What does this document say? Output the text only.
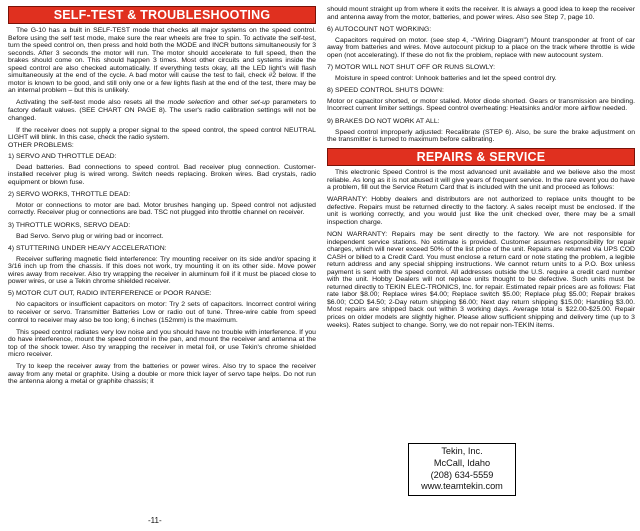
SELF-TEST & TROUBLESHOOTING

The G-10 has a built in SELF-TEST mode that checks all major systems on the speed control. Before using the self test mode, make sure the rear wheels are free to spin. To activate the self-test, turn the speed control on, then press and hold both the MODE and INCR buttons simultaneously for 3 seconds. After 3 seconds the motor will run. The motor should accelerate to full speed, then the brakes should come on. This should happen 3 times. Most other circuits and systems inside the speed control are also checked automatically. If everything tests okay, all the LED light's will flash simultaneously at the end of the cycle. A bad motor will cause the test to fail, check #2 below. If the motor is known to be good, and still only one or a few lights flash at the end of the test, there may be an internal problem – but this is unlikely.

Activating the self-test mode also resets all the mode selection and other set-up parameters to factory default values. (SEE CHART ON PAGE 8). The user's radio calibration settings will not be changed.

If the receiver does not supply a proper signal to the speed control, the speed control NEUTRAL LIGHT will blink. In this case, check the radio system.

OTHER PROBLEMS:

1) SERVO AND THROTTLE DEAD:

Dead batteries. Bad connections to speed control. Bad receiver plug connection. Customer-installed receiver plug is wired wrong. Switch needs replacing. Broken wires. Bad crystals, radio equipment or blown fuse.

2) SERVO WORKS, THROTTLE DEAD:

Motor or connections to motor are bad. Motor brushes hanging up. Speed control not adjusted correctly. Receiver plug or connections are bad. TSC not plugged into throttle channel on receiver.

3) THROTTLE WORKS, SERVO DEAD:

Bad Servo. Servo plug or wiring bad or incorrect.

4) STUTTERING UNDER HEAVY ACCELERATION:

Receiver suffering magnetic field interference: Try mounting receiver on its side and/or spacing it 3/16 inch up from the chassis. If this does not work, try mounting it on its other side. Move power wires away from receiver. Also try wrapping the receiver in aluminum foil if it must be placed close to power wires, or use a Tekin chrome shielded receiver.

5) MOTOR CUT OUT, RADIO INTERFERENCE or POOR RANGE:

No capacitors or insufficient capacitors on motor: Try 2 sets of capacitors. Incorrect control wiring to receiver or servo. Transmitter Batteries Low or radio out of tune. Three-wire cable from speed control to receiver may also be too long; 6 inches (152mm) is the maximum.

This speed control radiates very low noise and you should have no trouble with interference. If you do have interference, mount the speed control in the pan, and mount the receiver and antenna at the top of the shock tower. Also try wrapping the receiver in metal foil, or use Tekin's chrome shielded micro receiver.

Try to keep the receiver away from the batteries or power wires. Also try to space the receiver away from any metal or graphite. Using a double or more thick layer of servo tape helps. Do not run the antenna along a metal or graphite chassis; it

should mount straight up from where it exits the receiver. It is always a good idea to keep the receiver and antenna away from the motor, batteries, and power wires. Also see Step 7, page 10.

6) AUTOCOUNT NOT WORKING:

Capacitors required on motor. (see step 4, -"Wiring Diagram") Mount transponder at front of car away from batteries and wires. Move autocount pickup to a place on the track where throttle is wide open (not accelerating). If these do not fix the problem, replace with new autocount system.

7) MOTOR WILL NOT SHUT OFF OR RUNS SLOWLY:

Moisture in speed control: Unhook batteries and let the speed control dry.

8) SPEED CONTROL SHUTS DOWN:

Motor or capacitor shorted, or motor stalled. Motor diode shorted. Gears or transmission are binding. Incorrect current limiter settings. Speed control overheating: Heatsinks and/or more airflow needed.

9) BRAKES DO NOT WORK AT ALL:

Speed control improperly adjusted: Recalibrate (STEP 6). Also, be sure the brake adjustment on the transmitter is turned to maximum before calibrating.

REPAIRS & SERVICE

This electronic Speed Control is the most advanced unit available and we believe also the most reliable. As long as it is not abused it will give years of frequent service. In the rare event you do have a problem, fill out the Service Return Card that is included with the unit and proceed as follows:

WARRANTY: Hobby dealers and distributors are not authorized to replace units thought to be defective. Repairs must be returned directly to the factory. A sales receipt must be enclosed. If the unit is working correctly, and you would just like the unit checked over, there may be a small inspection charge.

NON WARRANTY: Repairs may be sent directly to the factory. We are not responsible for independent service stations. No estimate is provided. Customer assumes responsibility for repair charges, which will never exceed 50% of the list price of the unit. Repairs are returned via UPS COD CASH or billed to a Credit Card. You must enclose a return card or note stating the problem, a legible return address and any special shipping instructions. We cannot return units to a P.O. Box unless payment is sent with the speed control. All addresses outside the U.S. require a credit card number with the unit. Hobby Dealers will not replace units thought to be defective. Such units must be returned directly to TEKIN ELEC-TRONICS, Inc. for repair. Estimated repair prices are as follows: Flat rate labor $8.00; Replace wires $4.00; Replace switch $5.00; Replace plug $5.00; Repair brakes $6.00; COD $4.50; 2-Day return shipping $6.00; Next day return shipping $15.00; Handling $3.00. Most repairs are shipped back out within 3 working days. Average total is $22.00-$25.00. Repair prices on older models are slightly higher. Please allow sufficient shipping and delivery time (up to 3 weeks). Rates subject to change. Sorry, we do not repair non-TEKIN items.

Tekin, Inc.
McCall, Idaho
(208) 634-5559
www.teamtekin.com
-11-
